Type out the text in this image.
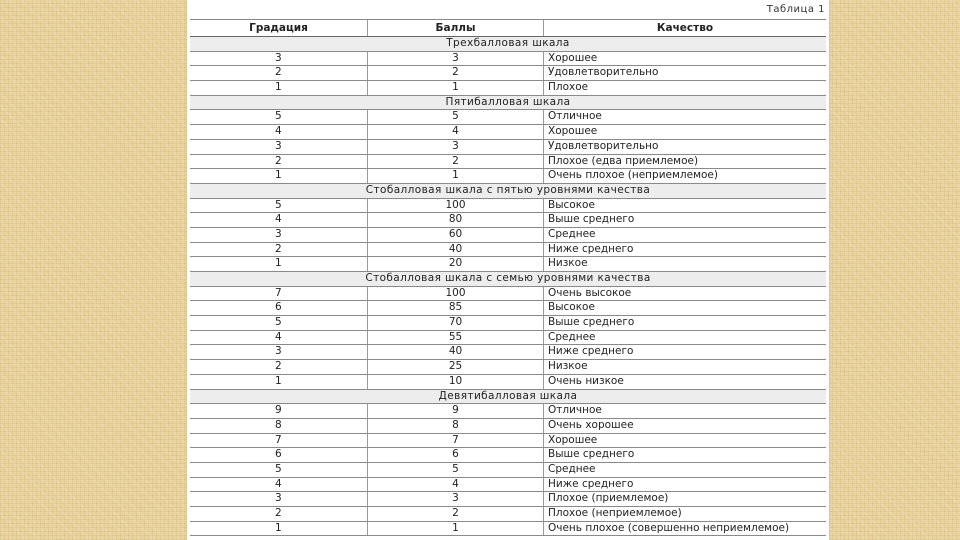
Таблица 1
Градация	Баллы	Качество
Трехбалловая шкала
3	3	Хорошее
2	2	Удовлетворительно
1	1	Плохое
Пятибалловая шкала
5	5	Отличное
4	4	Хорошее
3	3	Удовлетворительно
2	2	Плохое (едва приемлемое)
1	1	Очень плохое (неприемлемое)
Стобалловая шкала с пятью уровнями качества
5	100	Высокое
4	80	Выше среднего
3	60	Среднее
2	40	Ниже среднего
1	20	Низкое
Стобалловая шкала с семью уровнями качества
7	100	Очень высокое
6	85	Высокое
5	70	Выше среднего
4	55	Среднее
3	40	Ниже среднего
2	25	Низкое
1	10	Очень низкое
Девятибалловая шкала
9	9	Отличное
8	8	Очень хорошее
7	7	Хорошее
6	6	Выше среднего
5	5	Среднее
4	4	Ниже среднего
3	3	Плохое (приемлемое)
2	2	Плохое (неприемлемое)
1	1	Очень плохое (совершенно неприемлемое)
